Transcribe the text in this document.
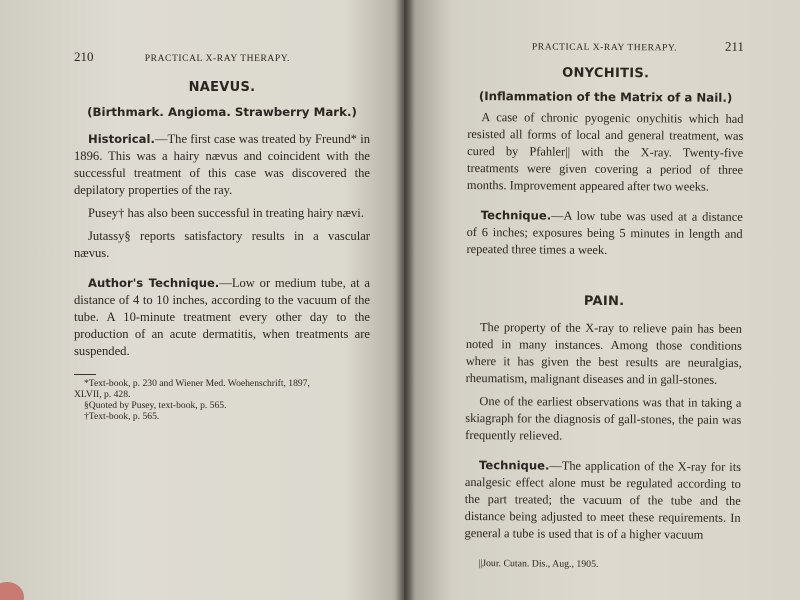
210	PRACTICAL X-RAY THERAPY.
NAEVUS.
(Birthmark. Angioma. Strawberry Mark.)

Historical.—The first case was treated by Freund* in 1896. This was a hairy nævus and coincident with the successful treatment of this case was discovered the depilatory properties of the ray.

Pusey† has also been successful in treating hairy nævi.

Jutassy§ reports satisfactory results in a vascular nævus.

Author's Technique.—Low or medium tube, at a distance of 4 to 10 inches, according to the vacuum of the tube. A 10-minute treatment every other day to the production of an acute dermatitis, when treatments are suspended.

*Text-book, p. 230 and Wiener Med. Woehenschrift, 1897,
XLVII, p. 428.
§Quoted by Pusey, text-book, p. 565.
†Text-book, p. 565.
PRACTICAL X-RAY THERAPY.	211
ONYCHITIS.
(Inflammation of the Matrix of a Nail.)

A case of chronic pyogenic onychitis which had resisted all forms of local and general treatment, was cured by Pfahler|| with the X-ray. Twenty-five treatments were given covering a period of three months. Improvement appeared after two weeks.

Technique.—A low tube was used at a distance of 6 inches; exposures being 5 minutes in length and repeated three times a week.

PAIN.

The property of the X-ray to relieve pain has been noted in many instances. Among those conditions where it has given the best results are neuralgias, rheumatism, malignant diseases and in gall-stones.

One of the earliest observations was that in taking a skiagraph for the diagnosis of gall-stones, the pain was frequently relieved.

Technique.—The application of the X-ray for its analgesic effect alone must be regulated according to the part treated; the vacuum of the tube and the distance being adjusted to meet these requirements. In general a tube is used that is of a higher vacuum

||Jour. Cutan. Dis., Aug., 1905.
